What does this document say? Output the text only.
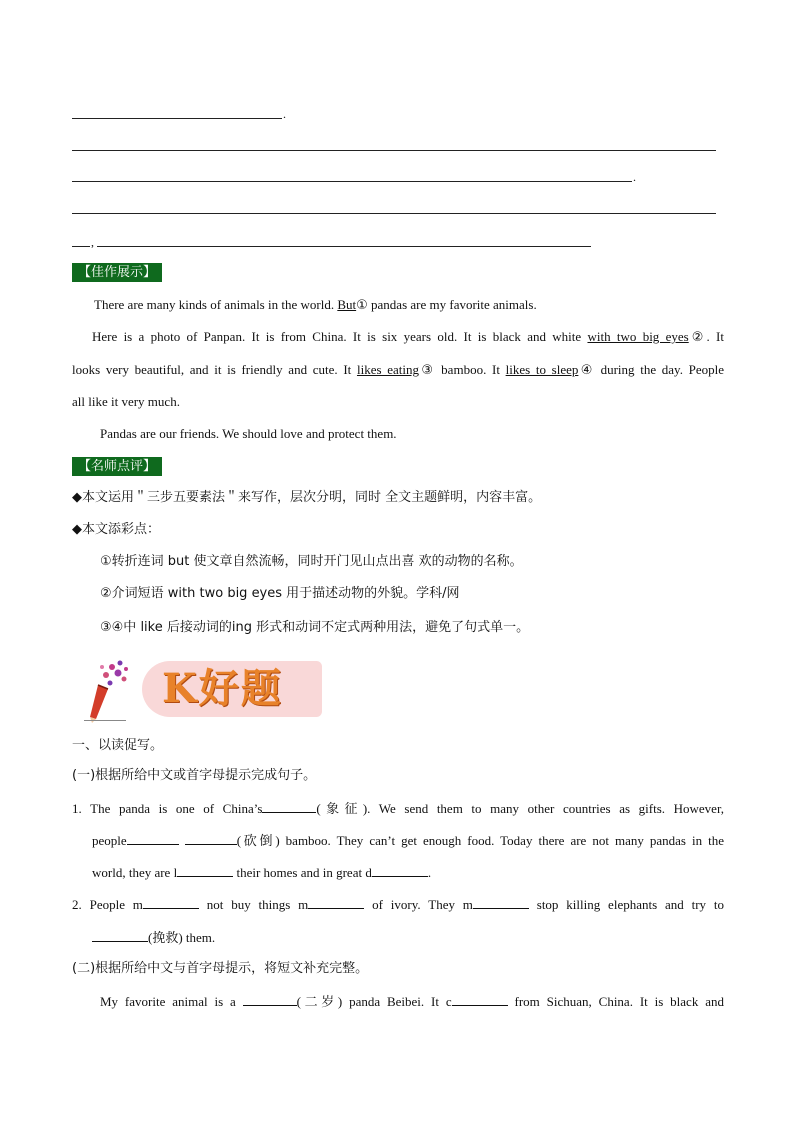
.
.
,
【佳作展示】
There are many kinds of animals in the world. But① pandas are my favorite animals.
Here is a photo of Panpan. It is from China. It is six years old. It is black and white with two big eyes②. It
looks very beautiful, and it is friendly and cute. It likes eating③ bamboo. It likes to sleep④ during the day. People
all like it very much.
Pandas are our friends. We should love and protect them.
【名师点评】
◆本文运用＂三步五要素法＂来写作，层次分明，同时 全文主题鲜明，内容丰富。
◆本文添彩点：
①转折连词 but 使文章自然流畅，同时开门见山点出喜 欢的动物的名称。
②介词短语 with two big eyes 用于描述动物的外貌。学科/网
③④中 like 后接动词的ing 形式和动词不定式两种用法，避免了句式单一。
K好题
一、以读促写。
(一)根据所给中文或首字母提示完成句子。
1. The panda is one of China’s	(象征). We send them to many other countries as gifts. However,
people	(砍倒) bamboo. They can’t get enough food. Today there are not many pandas in the
world, they are l	their homes and in great d	.
2. People m	not buy things m	of ivory. They m	stop killing elephants and try to
(挽救) them.
(二)根据所给中文与首字母提示，将短文补充完整。
My favorite animal is a	(二岁) panda Beibei. It c	from Sichuan, China. It is black and
